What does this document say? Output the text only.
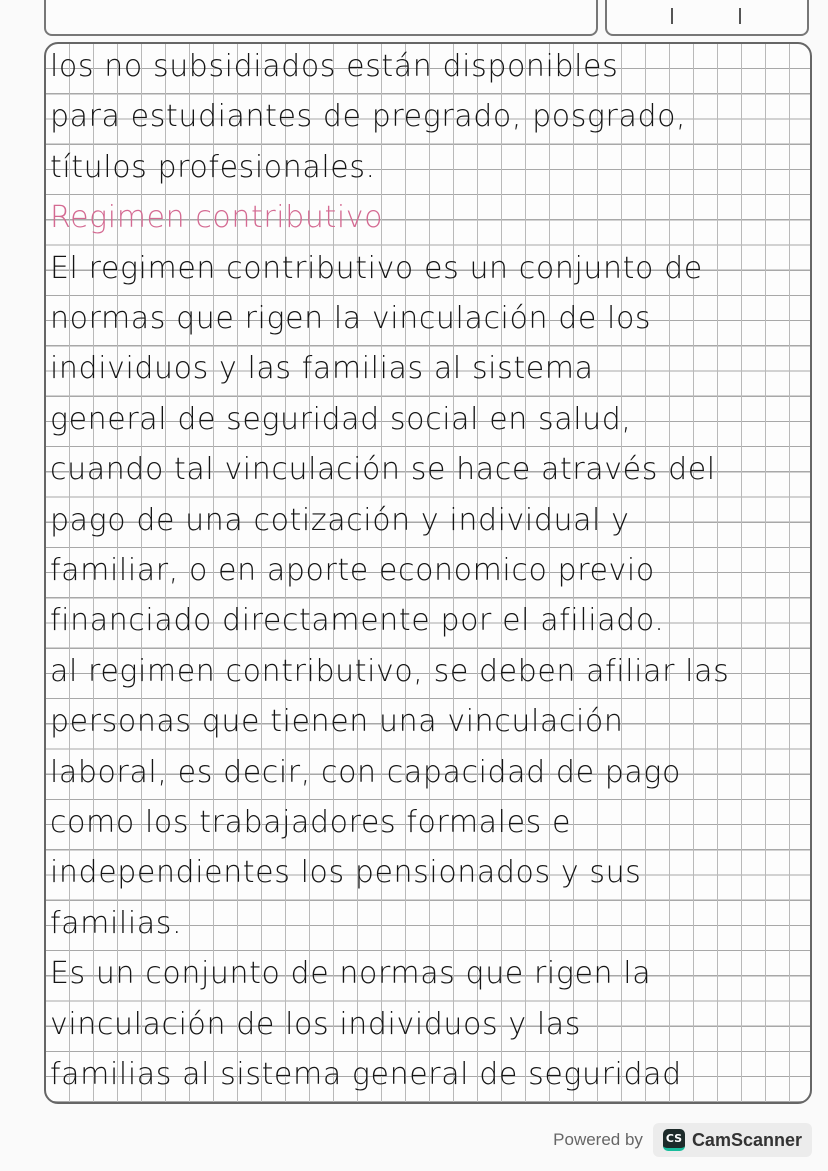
los no subsidiados están disponibles
para estudiantes de pregrado, posgrado,
títulos profesionales.
Regimen contributivo
El regimen contributivo es un conjunto de
normas que rigen la vinculación de los
individuos y las familias al sistema
general de seguridad social en salud,
cuando tal vinculación se hace através del
pago de una cotización y individual y
familiar, o en aporte economico previo
financiado directamente por el afiliado.
al regimen contributivo, se deben afiliar las
personas que tienen una vinculación
laboral, es decir, con capacidad de pago
como los trabajadores formales e
independientes los pensionados y sus
familias.
Es un conjunto de normas que rigen la
vinculación de los individuos y las
familias al sistema general de seguridad
Powered by CS CamScanner
